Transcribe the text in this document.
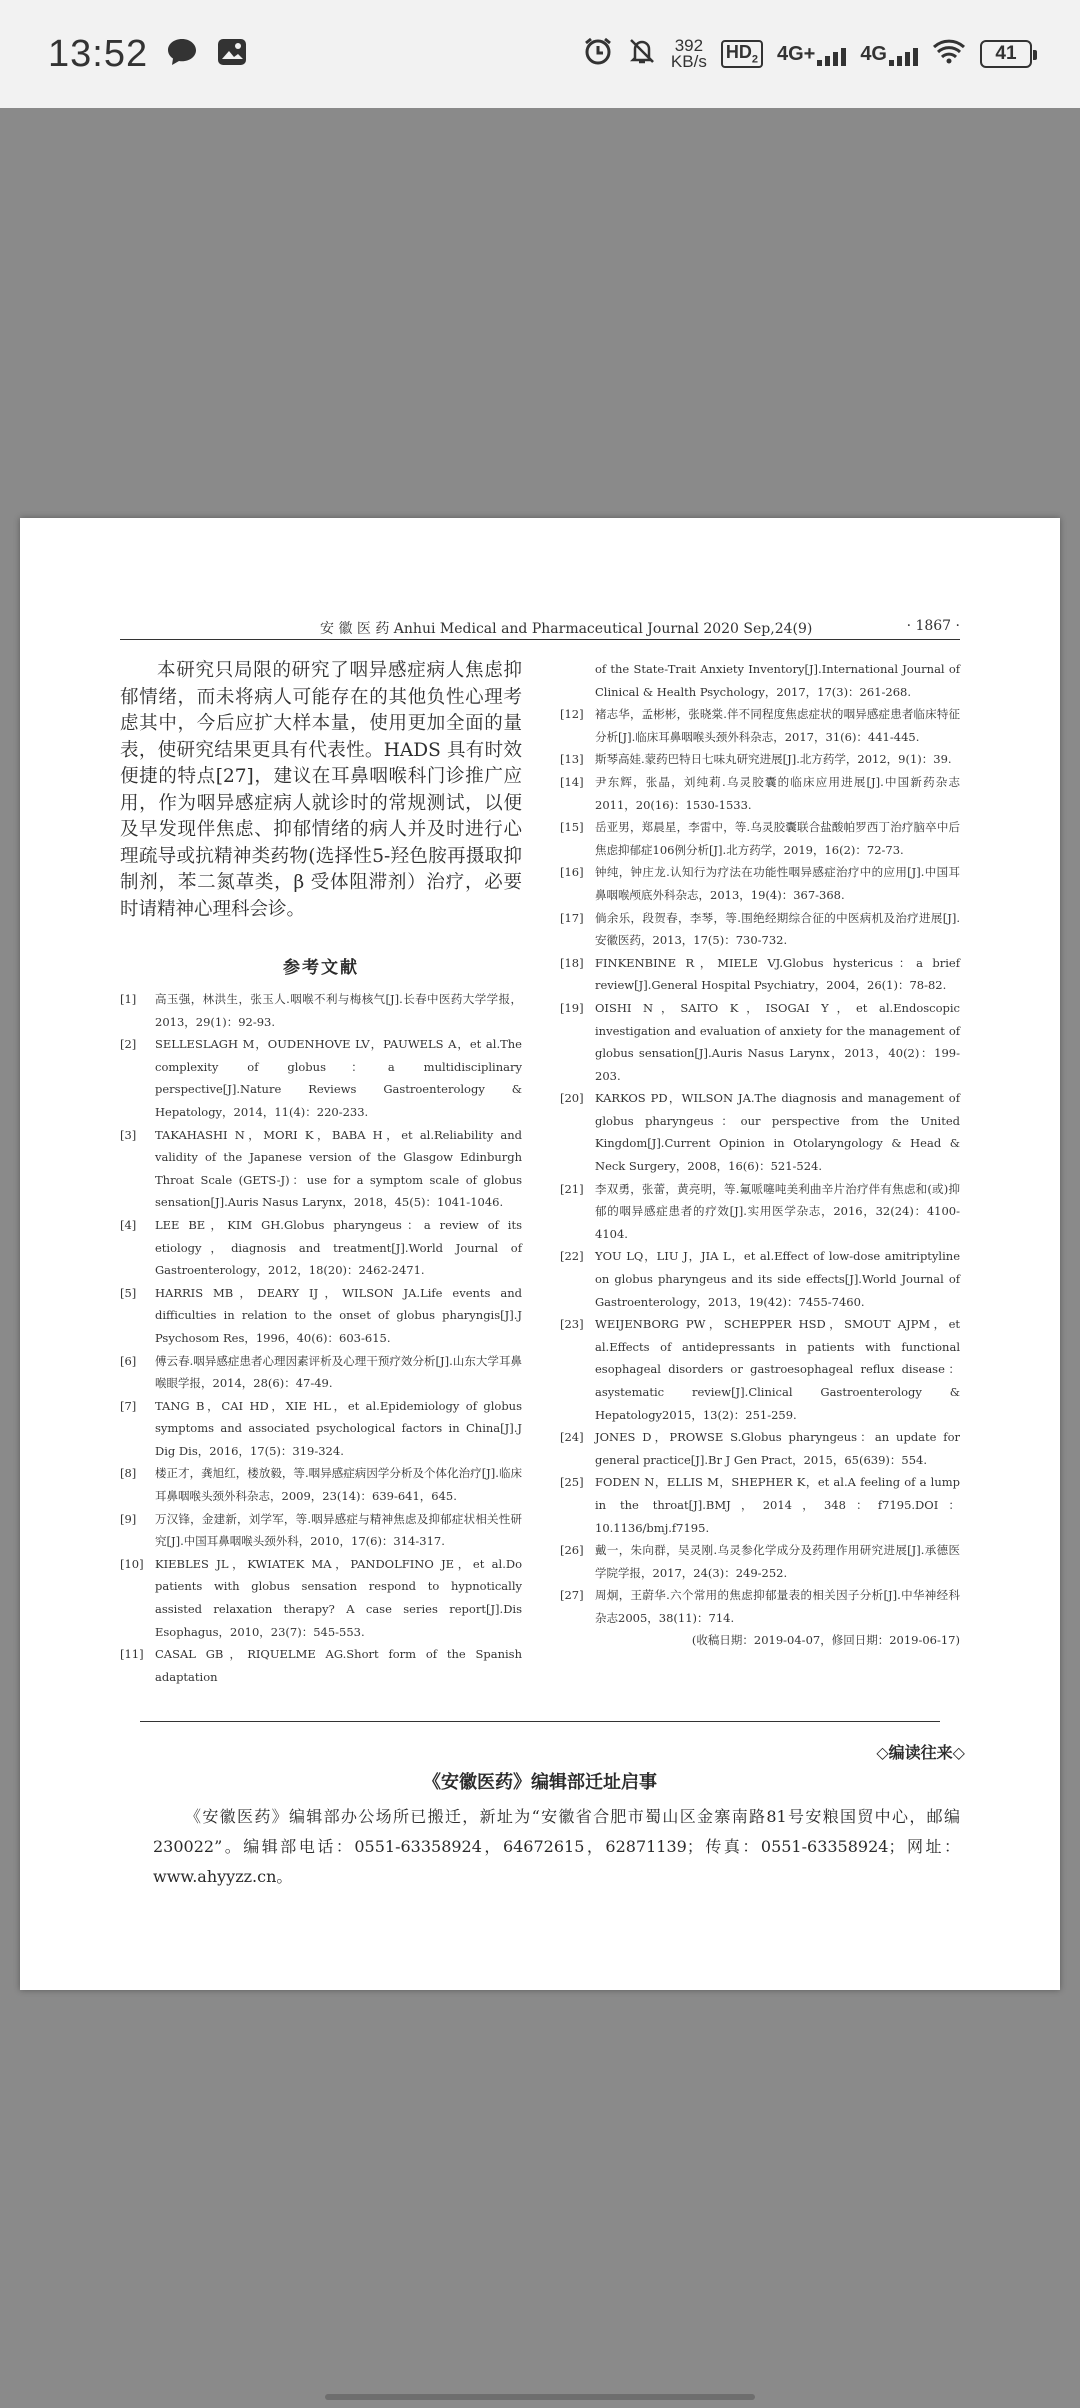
13:52	392
KB/s $HD_2$ 4G+ 4G	41
安 徽 医 药 Anhui Medical and Pharmaceutical Journal 2020 Sep,24(9)	· 1867 ·

本研究只局限的研究了咽异感症病人焦虑抑郁情绪，而未将病人可能存在的其他负性心理考虑其中，今后应扩大样本量，使用更加全面的量表，使研究结果更具有代表性。HADS 具有时效便捷的特点[27]，建议在耳鼻咽喉科门诊推广应用，作为咽异感症病人就诊时的常规测试，以便及早发现伴焦虑、抑郁情绪的病人并及时进行心理疏导或抗精神类药物(选择性5-羟色胺再摄取抑制剂，苯二氮䓬类，β 受体阻滞剂）治疗，必要时请精神心理科会诊。

参考文献
[1]	高玉强，林洪生，张玉人.咽喉不利与梅核气[J].长春中医药大学学报，2013，29(1)：92-93.
[2]	SELLESLAGH M，OUDENHOVE LV，PAUWELS A，et al.The complexity of globus：a multidisciplinary perspective[J].Nature Reviews Gastroenterology & Hepatology，2014，11(4)：220-233.
[3]	TAKAHASHI N，MORI K，BABA H，et al.Reliability and validity of the Japanese version of the Glasgow Edinburgh Throat Scale (GETS-J)：use for a symptom scale of globus sensation[J].Auris Nasus Larynx，2018，45(5)：1041-1046.
[4]	LEE BE，KIM GH.Globus pharyngeus：a review of its etiology，diagnosis and treatment[J].World Journal of Gastroenterology，2012，18(20)：2462-2471.
[5]	HARRIS MB，DEARY IJ，WILSON JA.Life events and difficulties in relation to the onset of globus pharyngis[J].J Psychosom Res，1996，40(6)：603-615.
[6]	傅云春.咽异感症患者心理因素评析及心理干预疗效分析[J].山东大学耳鼻喉眼学报，2014，28(6)：47-49.
[7]	TANG B，CAI HD，XIE HL，et al.Epidemiology of globus symptoms and associated psychological factors in China[J].J Dig Dis，2016，17(5)：319-324.
[8]	楼正才，龚旭红，楼放毅，等.咽异感症病因学分析及个体化治疗[J].临床耳鼻咽喉头颈外科杂志，2009，23(14)：639-641，645.
[9]	万汉锋，金建新，刘学军，等.咽异感症与精神焦虑及抑郁症状相关性研究[J].中国耳鼻咽喉头颈外科，2010，17(6)：314-317.
[10] KIEBLES JL，KWIATEK MA，PANDOLFINO JE，et al.Do patients with globus sensation respond to hypnotically assisted relaxation therapy? A case series report[J].Dis Esophagus，2010，23(7)：545-553.
[11] CASAL GB，RIQUELME AG.Short form of the Spanish adaptation
of the State-Trait Anxiety Inventory[J].International Journal of Clinical & Health Psychology，2017，17(3)：261-268.
[12] 褚志华，孟彬彬，张晓棠.伴不同程度焦虑症状的咽异感症患者临床特征分析[J].临床耳鼻咽喉头颈外科杂志，2017，31(6)：441-445.
[13] 斯琴高娃.蒙药巴特日七味丸研究进展[J].北方药学，2012，9(1)：39.
[14] 尹东辉，张晶，刘纯莉.乌灵胶囊的临床应用进展[J].中国新药杂志2011，20(16)：1530-1533.
[15] 岳亚男，郑晨星，李雷中，等.乌灵胶囊联合盐酸帕罗西丁治疗脑卒中后焦虑抑郁症106例分析[J].北方药学，2019，16(2)：72-73.
[16] 钟纯，钟庄龙.认知行为疗法在功能性咽异感症治疗中的应用[J].中国耳鼻咽喉颅底外科杂志，2013，19(4)：367-368.
[17] 倘余乐，段贺春，李琴，等.围绝经期综合征的中医病机及治疗进展[J].安徽医药，2013，17(5)：730-732.
[18] FINKENBINE R，MIELE VJ.Globus hystericus：a brief review[J].General Hospital Psychiatry，2004，26(1)：78-82.
[19] OISHI N，SAITO K，ISOGAI Y，et al.Endoscopic investigation and evaluation of anxiety for the management of globus sensation[J].Auris Nasus Larynx，2013，40(2)：199-203.
[20] KARKOS PD，WILSON JA.The diagnosis and management of globus pharyngeus：our perspective from the United Kingdom[J].Current Opinion in Otolaryngology & Head & Neck Surgery，2008，16(6)：521-524.
[21] 李双勇，张蕾，黄亮明，等.氟哌噻吨美利曲辛片治疗伴有焦虑和(或)抑郁的咽异感症患者的疗效[J].实用医学杂志，2016，32(24)：4100-4104.
[22] YOU LQ，LIU J，JIA L，et al.Effect of low-dose amitriptyline on globus pharyngeus and its side effects[J].World Journal of Gastroenterology，2013，19(42)：7455-7460.
[23] WEIJENBORG PW，SCHEPPER HSD，SMOUT AJPM，et al.Effects of antidepressants in patients with functional esophageal disorders or gastroesophageal reflux disease：asystematic review[J].Clinical Gastroenterology & Hepatology2015，13(2)：251-259.
[24] JONES D，PROWSE S.Globus pharyngeus：an update for general practice[J].Br J Gen Pract，2015，65(639)：554.
[25] FODEN N，ELLIS M，SHEPHER K，et al.A feeling of a lump in the throat[J].BMJ，2014，348：f7195.DOI：10.1136/bmj.f7195.
[26] 戴一，朱向群，吴灵刚.乌灵参化学成分及药理作用研究进展[J].承德医学院学报，2017，24(3)：249-252.
[27] 周炯，王蔚华.六个常用的焦虑抑郁量表的相关因子分析[J].中华神经科杂志2005，38(11)：714.
(收稿日期：2019-04-07，修回日期：2019-06-17)
◇编读往来◇
《安徽医药》编辑部迁址启事

《安徽医药》编辑部办公场所已搬迁，新址为“安徽省合肥市蜀山区金寨南路81号安粮国贸中心，邮编230022”。编辑部电话：0551-63358924，64672615，62871139；传真：0551-63358924；网址：www.ahyyzz.cn。
